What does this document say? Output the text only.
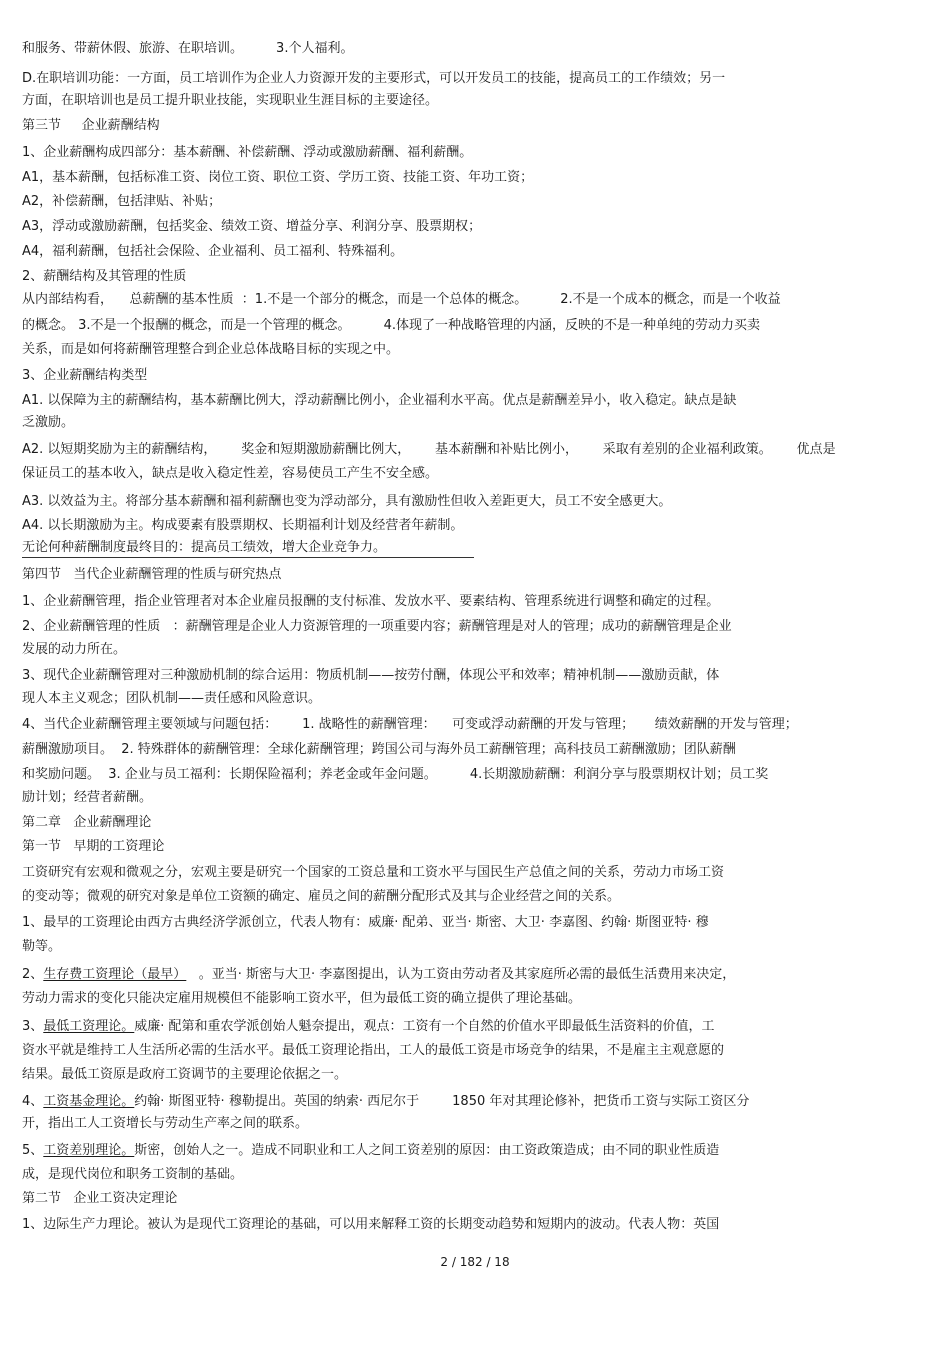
和服务、带薪休假、旅游、在职培训。        3.个人福利。

D.在职培训功能：一方面，员工培训作为企业人力资源开发的主要形式，可以开发员工的技能，提高员工的工作绩效；另一

方面，在职培训也是员工提升职业技能，实现职业生涯目标的主要途径。

第三节     企业薪酬结构

1、企业薪酬构成四部分：基本薪酬、补偿薪酬、浮动或激励薪酬、福利薪酬。

A1，基本薪酬，包括标准工资、岗位工资、职位工资、学历工资、技能工资、年功工资；

A2，补偿薪酬，包括津贴、补贴；

A3，浮动或激励薪酬，包括奖金、绩效工资、增益分享、利润分享、股票期权；

A4，福利薪酬，包括社会保险、企业福利、员工福利、特殊福利。

2、薪酬结构及其管理的性质

从内部结构看，    总薪酬的基本性质  ：1.不是一个部分的概念，而是一个总体的概念。        2.不是一个成本的概念，而是一个收益

的概念。 3.不是一个报酬的概念，而是一个管理的概念。        4.体现了一种战略管理的内涵，反映的不是一种单纯的劳动力买卖

关系，而是如何将薪酬管理整合到企业总体战略目标的实现之中。

3、企业薪酬结构类型

A1. 以保障为主的薪酬结构，基本薪酬比例大，浮动薪酬比例小，企业福利水平高。优点是薪酬差异小，收入稳定。缺点是缺

乏激励。

A2. 以短期奖励为主的薪酬结构，      奖金和短期激励薪酬比例大，      基本薪酬和补贴比例小，      采取有差别的企业福利政策。      优点是

保证员工的基本收入，缺点是收入稳定性差，容易使员工产生不安全感。

A3. 以效益为主。将部分基本薪酬和福利薪酬也变为浮动部分，具有激励性但收入差距更大，员工不安全感更大。

A4. 以长期激励为主。构成要素有股票期权、长期福利计划及经营者年薪制。

无论何种薪酬制度最终目的：提高员工绩效，增大企业竞争力。

第四节   当代企业薪酬管理的性质与研究热点

1、企业薪酬管理，指企业管理者对本企业雇员报酬的支付标准、发放水平、要素结构、管理系统进行调整和确定的过程。

2、企业薪酬管理的性质   ：薪酬管理是企业人力资源管理的一项重要内容；薪酬管理是对人的管理；成功的薪酬管理是企业

发展的动力所在。

3、现代企业薪酬管理对三种激励机制的综合运用：物质机制——按劳付酬，体现公平和效率；精神机制——激励贡献，体

现人本主义观念；团队机制——责任感和风险意识。

4、当代企业薪酬管理主要领域与问题包括：      1. 战略性的薪酬管理：    可变或浮动薪酬的开发与管理；     绩效薪酬的开发与管理；

薪酬激励项目。  2. 特殊群体的薪酬管理：全球化薪酬管理；跨国公司与海外员工薪酬管理；高科技员工薪酬激励；团队薪酬

和奖励问题。  3. 企业与员工福利：长期保险福利；养老金或年金问题。        4.长期激励薪酬：利润分享与股票期权计划；员工奖

励计划；经营者薪酬。

第二章   企业薪酬理论

第一节   早期的工资理论

工资研究有宏观和微观之分，宏观主要是研究一个国家的工资总量和工资水平与国民生产总值之间的关系，劳动力市场工资

的变动等；微观的研究对象是单位工资额的确定、雇员之间的薪酬分配形式及其与企业经营之间的关系。

1、最早的工资理论由西方古典经济学派创立，代表人物有：威廉· 配弟、亚当· 斯密、大卫· 李嘉图、约翰· 斯图亚特· 穆

勒等。

2、生存费工资理论（最早）   。亚当· 斯密与大卫· 李嘉图提出，认为工资由劳动者及其家庭所必需的最低生活费用来决定，

劳动力需求的变化只能决定雇用规模但不能影响工资水平，但为最低工资的确立提供了理论基础。

3、最低工资理论。威廉· 配第和重农学派创始人魁奈提出，观点：工资有一个自然的价值水平即最低生活资料的价值，工

资水平就是维持工人生活所必需的生活水平。最低工资理论指出，工人的最低工资是市场竞争的结果，不是雇主主观意愿的

结果。最低工资原是政府工资调节的主要理论依据之一。

4、工资基金理论。约翰· 斯图亚特· 穆勒提出。英国的纳索· 西尼尔于        1850 年对其理论修补，把货币工资与实际工资区分

开，指出工人工资增长与劳动生产率之间的联系。

5、工资差别理论。斯密，创始人之一。造成不同职业和工人之间工资差别的原因：由工资政策造成；由不同的职业性质造

成，是现代岗位和职务工资制的基础。

第二节   企业工资决定理论

1、边际生产力理论。被认为是现代工资理论的基础，可以用来解释工资的长期变动趋势和短期内的波动。代表人物：英国

2 / 182 / 18
